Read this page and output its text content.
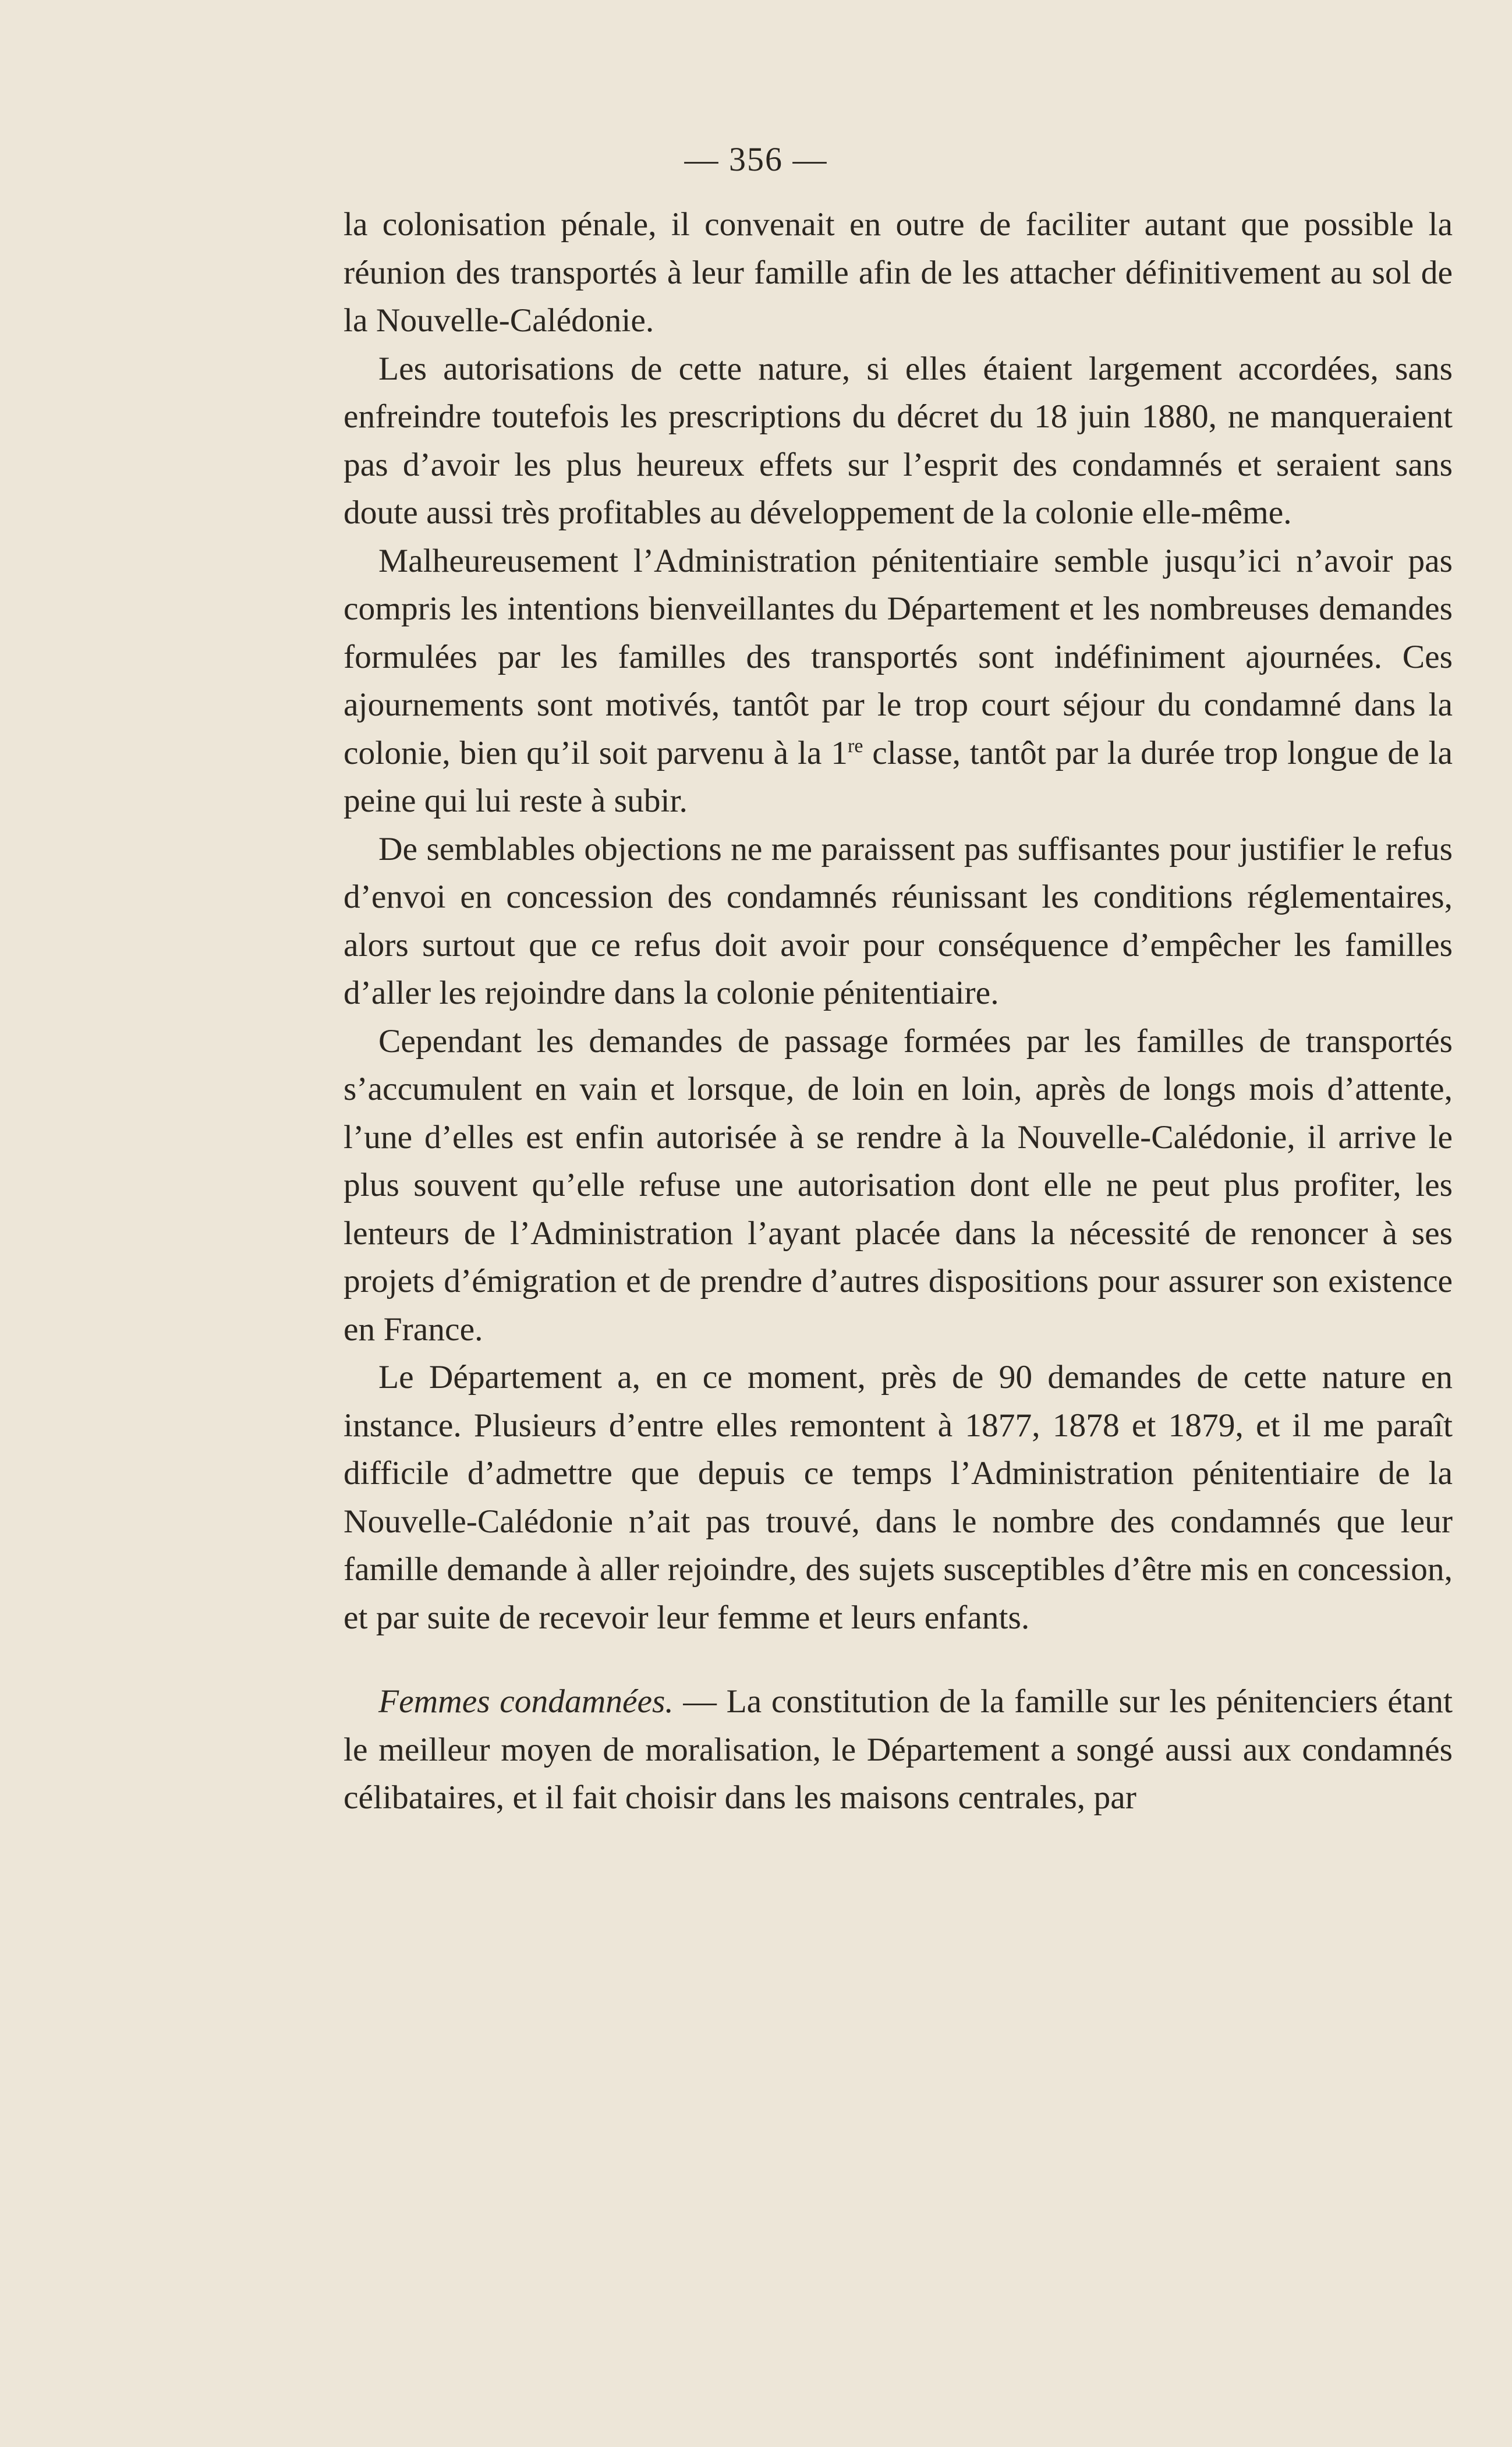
— 356 —

la colonisation pénale, il convenait en outre de faciliter autant que possible la réunion des transportés à leur famille afin de les attacher définitivement au sol de la Nouvelle-Calédonie.

Les autorisations de cette nature, si elles étaient largement accordées, sans enfreindre toutefois les prescriptions du décret du 18 juin 1880, ne manqueraient pas d’avoir les plus heureux effets sur l’esprit des condamnés et seraient sans doute aussi très profitables au développement de la colonie elle-même.

Malheureusement l’Administration pénitentiaire semble jusqu’ici n’avoir pas compris les intentions bienveillantes du Département et les nombreuses demandes formulées par les familles des transportés sont indéfiniment ajournées. Ces ajournements sont motivés, tantôt par le trop court séjour du condamné dans la colonie, bien qu’il soit parvenu à la 1re classe, tantôt par la durée trop longue de la peine qui lui reste à subir.

De semblables objections ne me paraissent pas suffisantes pour justifier le refus d’envoi en concession des condamnés réunissant les conditions réglementaires, alors surtout que ce refus doit avoir pour conséquence d’empêcher les familles d’aller les rejoindre dans la colonie pénitentiaire.

Cependant les demandes de passage formées par les familles de transportés s’accumulent en vain et lorsque, de loin en loin, après de longs mois d’attente, l’une d’elles est enfin autorisée à se rendre à la Nouvelle-Calédonie, il arrive le plus souvent qu’elle refuse une autorisation dont elle ne peut plus profiter, les lenteurs de l’Administration l’ayant placée dans la nécessité de renoncer à ses projets d’émigration et de prendre d’autres dispositions pour assurer son existence en France.

Le Département a, en ce moment, près de 90 demandes de cette nature en instance. Plusieurs d’entre elles remontent à 1877, 1878 et 1879, et il me paraît difficile d’admettre que depuis ce temps l’Administration pénitentiaire de la Nouvelle-Calédonie n’ait pas trouvé, dans le nombre des condamnés que leur famille demande à aller rejoindre, des sujets susceptibles d’être mis en concession, et par suite de recevoir leur femme et leurs enfants.

Femmes condamnées. — La constitution de la famille sur les pénitenciers étant le meilleur moyen de moralisation, le Département a songé aussi aux condamnés célibataires, et il fait choisir dans les maisons centrales, par
